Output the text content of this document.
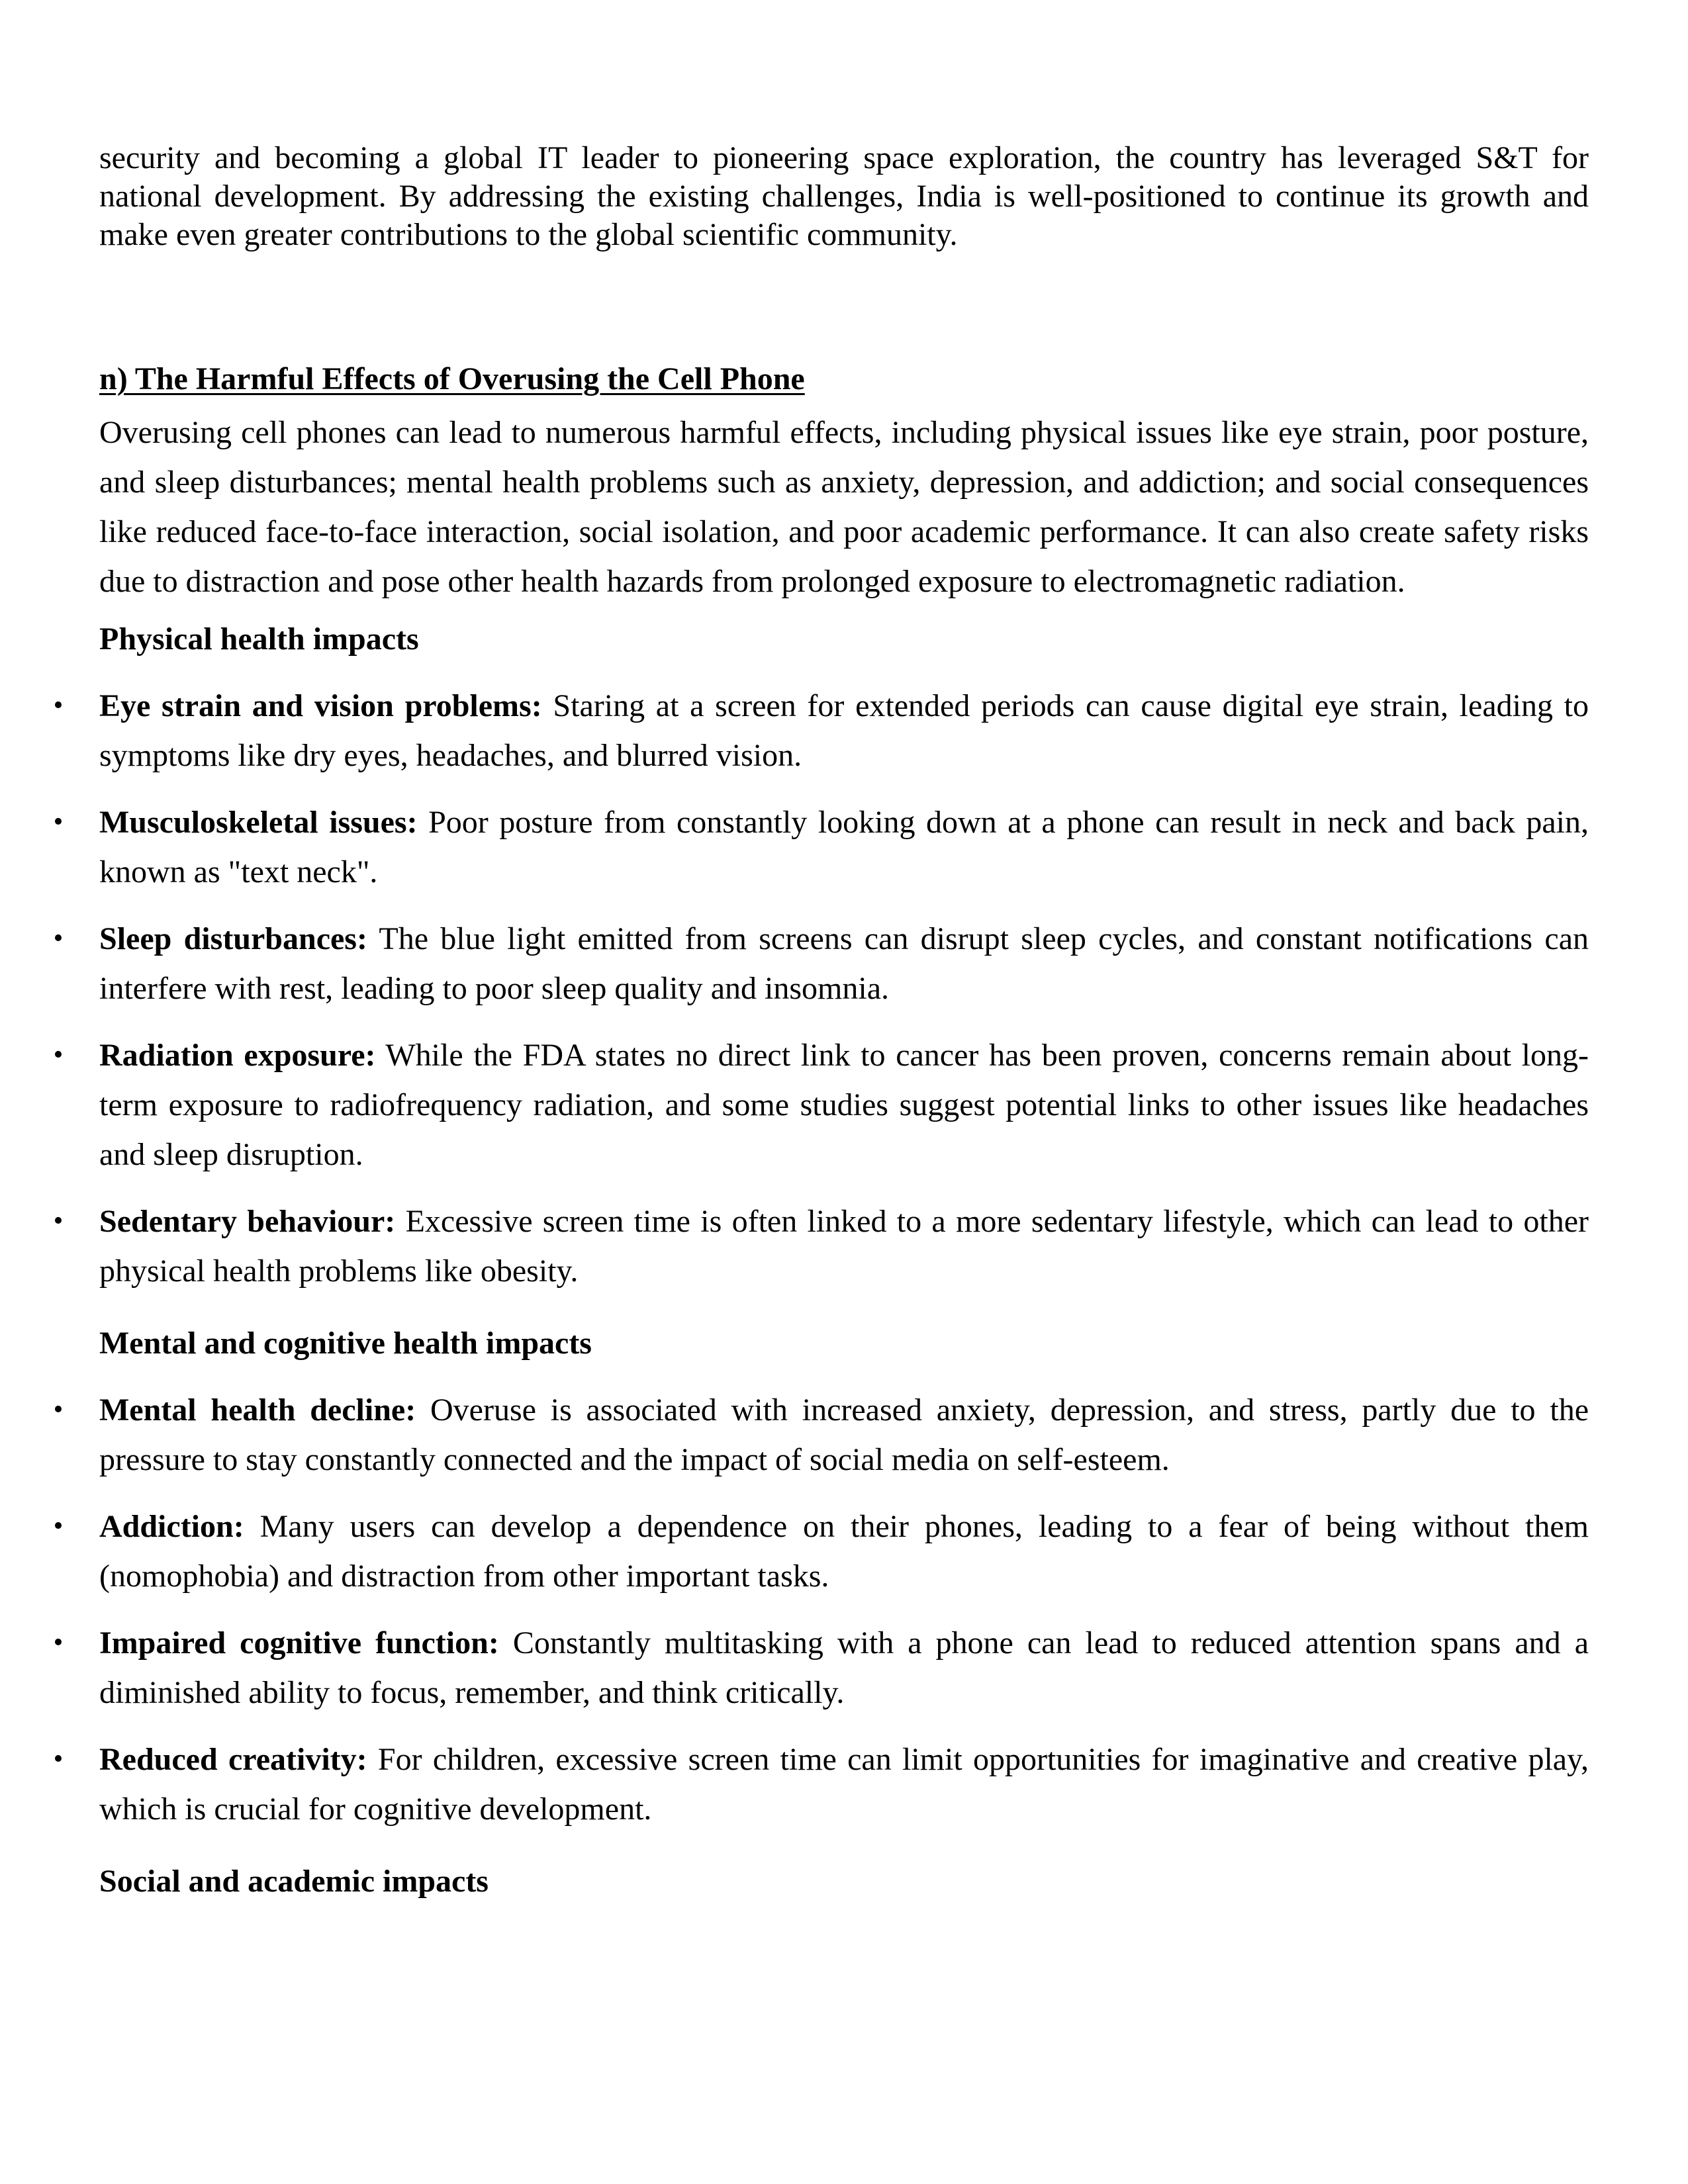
security and becoming a global IT leader to pioneering space exploration, the country has leveraged S&T for national development. By addressing the existing challenges, India is well-positioned to continue its growth and make even greater contributions to the global scientific community.

n) The Harmful Effects of Overusing the Cell Phone

Overusing cell phones can lead to numerous harmful effects, including physical issues like eye strain, poor posture, and sleep disturbances; mental health problems such as anxiety, depression, and addiction; and social consequences like reduced face-to-face interaction, social isolation, and poor academic performance. It can also create safety risks due to distraction and pose other health hazards from prolonged exposure to electromagnetic radiation.

Physical health impacts
• Eye strain and vision problems: Staring at a screen for extended periods can cause digital eye strain, leading to symptoms like dry eyes, headaches, and blurred vision.
• Musculoskeletal issues: Poor posture from constantly looking down at a phone can result in neck and back pain, known as "text neck".
• Sleep disturbances: The blue light emitted from screens can disrupt sleep cycles, and constant notifications can interfere with rest, leading to poor sleep quality and insomnia.
• Radiation exposure: While the FDA states no direct link to cancer has been proven, concerns remain about long-term exposure to radiofrequency radiation, and some studies suggest potential links to other issues like headaches and sleep disruption.
• Sedentary behaviour: Excessive screen time is often linked to a more sedentary lifestyle, which can lead to other physical health problems like obesity.
Mental and cognitive health impacts
• Mental health decline: Overuse is associated with increased anxiety, depression, and stress, partly due to the pressure to stay constantly connected and the impact of social media on self-esteem.
• Addiction: Many users can develop a dependence on their phones, leading to a fear of being without them (nomophobia) and distraction from other important tasks.
• Impaired cognitive function: Constantly multitasking with a phone can lead to reduced attention spans and a diminished ability to focus, remember, and think critically.
• Reduced creativity: For children, excessive screen time can limit opportunities for imaginative and creative play, which is crucial for cognitive development.
Social and academic impacts
